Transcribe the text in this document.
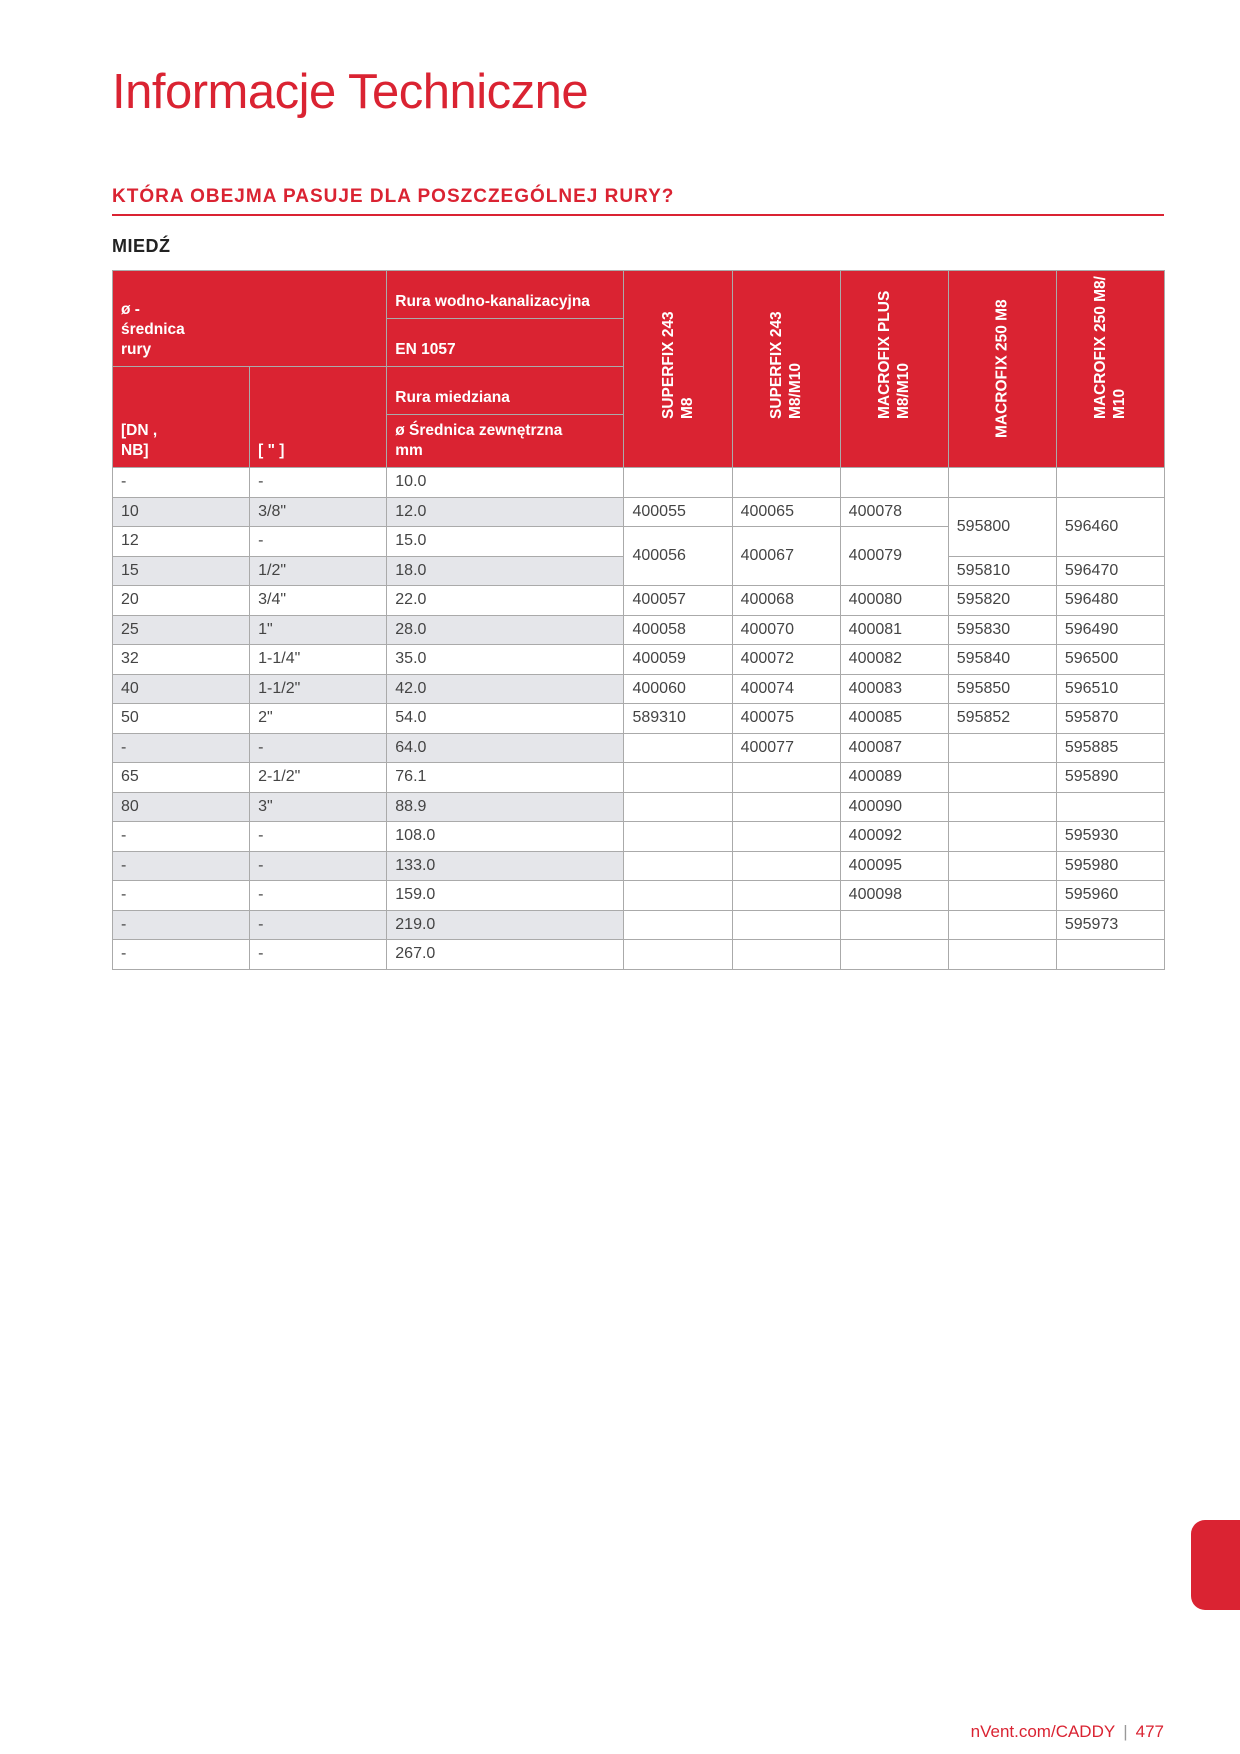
Informacje Techniczne
KTÓRA OBEJMA PASUJE DLA POSZCZEGÓLNEJ RURY?
MIEDŹ
ø -
średnica
rury		Rura wodno-kanalizacyjna	SUPERFIX 243 M8	SUPERFIX 243 M8/M10	MACROFIX PLUS M8/M10	MACROFIX 250 M8	MACROFIX 250 M8/ M10

		EN 1057					
[DN ,
NB]	[ " ]	Rura miedziana					
		ø Średnica zewnętrzna
mm					
-	-	10.0					
10	3/8"	12.0	400055	400065	400078	595800	596460
12	-	15.0	400056	400067	400079		
15	1/2"	18.0				595810	596470
20	3/4"	22.0	400057	400068	400080	595820	596480
25	1"	28.0	400058	400070	400081	595830	596490
32	1-1/4"	35.0	400059	400072	400082	595840	596500
40	1-1/2"	42.0	400060	400074	400083	595850	596510
50	2"	54.0	589310	400075	400085	595852	595870
-	-	64.0		400077	400087		595885
65	2-1/2"	76.1			400089		595890
80	3"	88.9			400090		
-	-	108.0			400092		595930
-	-	133.0			400095		595980
-	-	159.0			400098		595960
-	-	219.0					595973
-	-	267.0					
nVent.com/CADDY | 477
